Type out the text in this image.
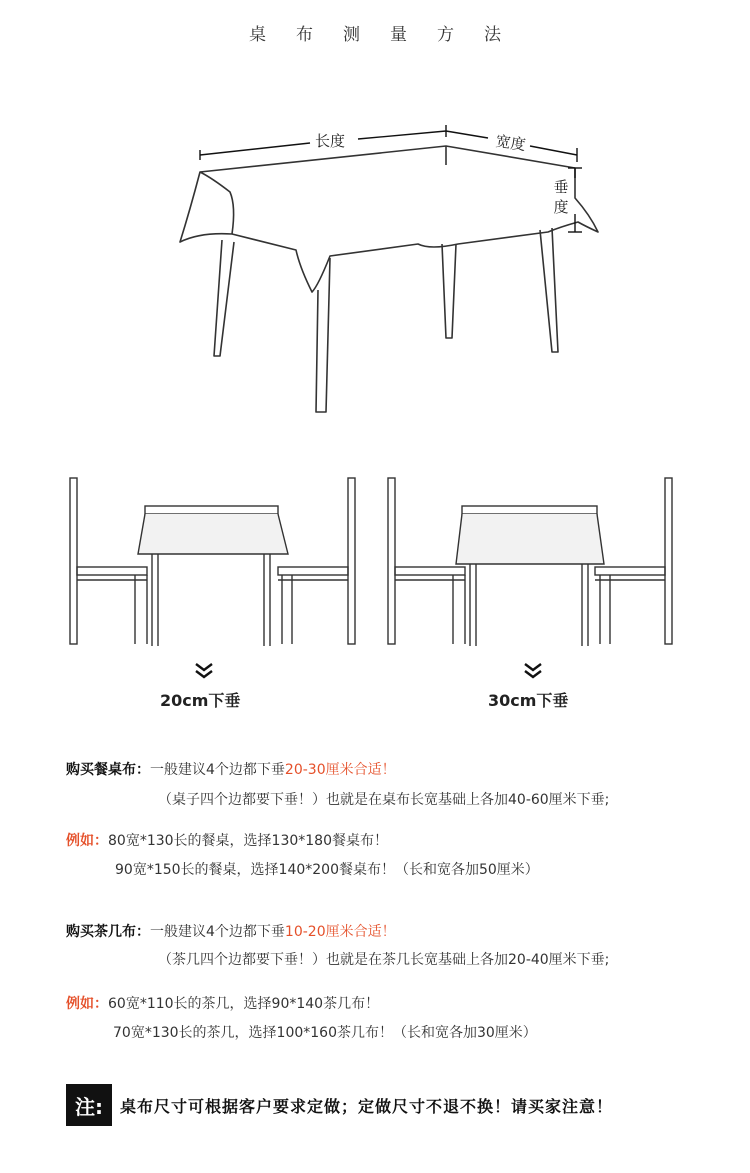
桌布测量方法
长度	宽度
垂
度
20cm下垂	30cm下垂
购买餐桌布：一般建议4个边都下垂20-30厘米合适！
（桌子四个边都要下垂！）也就是在桌布长宽基础上各加40-60厘米下垂;
例如：80宽*130长的餐桌，选择130*180餐桌布！
90宽*150长的餐桌，选择140*200餐桌布！（长和宽各加50厘米）
购买茶几布：一般建议4个边都下垂10-20厘米合适！
（茶几四个边都要下垂！）也就是在茶几长宽基础上各加20-40厘米下垂;
例如：60宽*110长的茶几，选择90*140茶几布！
70宽*130长的茶几，选择100*160茶几布！（长和宽各加30厘米）
注:	桌布尺寸可根据客户要求定做；定做尺寸不退不换！请买家注意！
